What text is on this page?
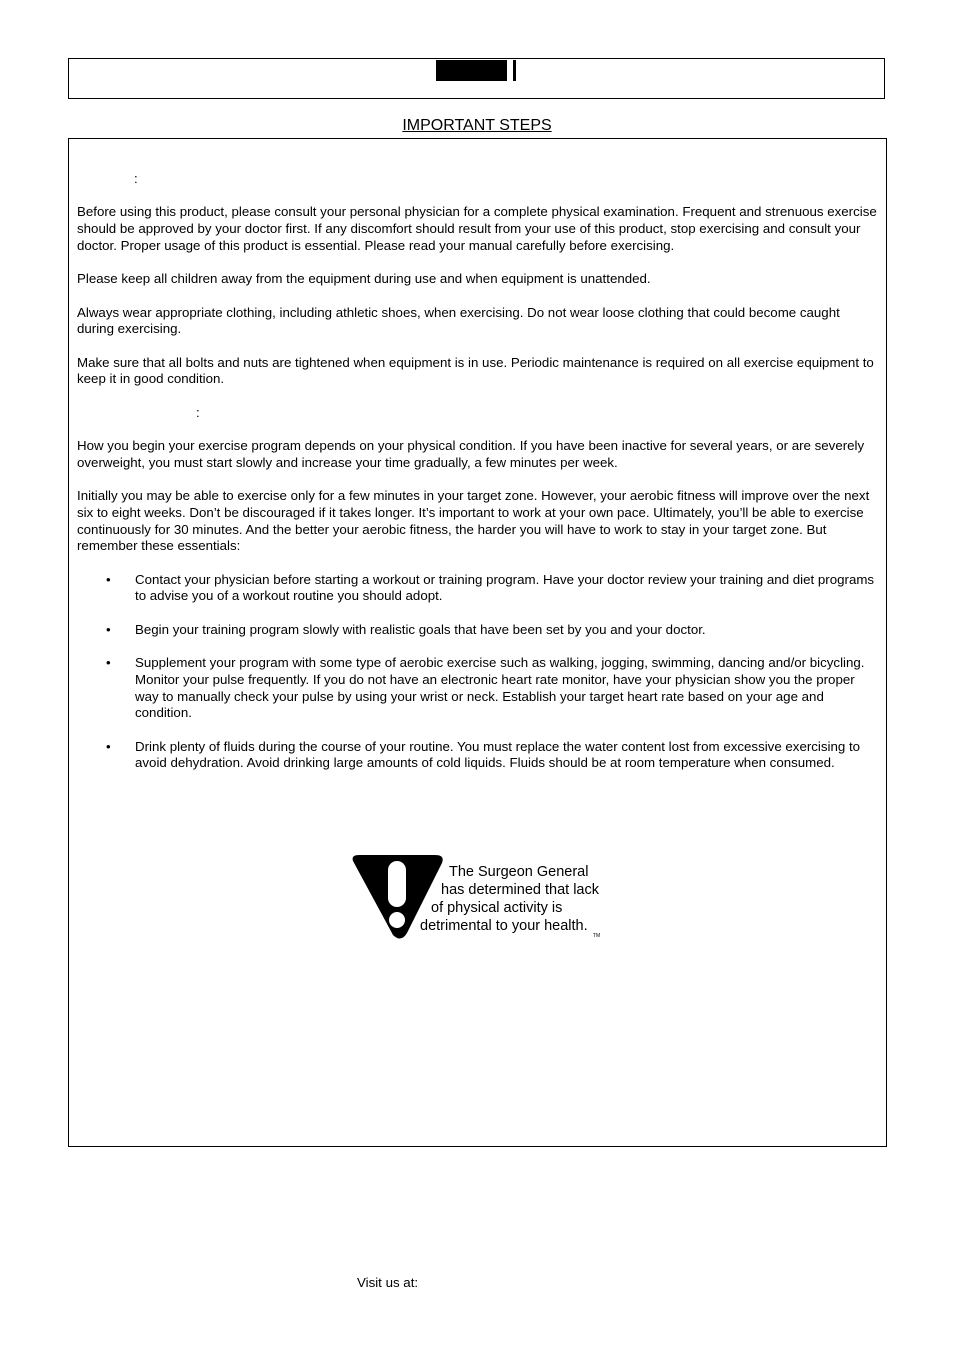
IMPORTANT STEPS

:

Before using this product, please consult your personal physician for a complete physical examination. Frequent and strenuous exercise should be approved by your doctor first. If any discomfort should result from your use of this product, stop exercising and consult your doctor. Proper usage of this product is essential. Please read your manual carefully before exercising.

Please keep all children away from the equipment during use and when equipment is unattended.

Always wear appropriate clothing, including athletic shoes, when exercising. Do not wear loose clothing that could become caught during exercising.

Make sure that all bolts and nuts are tightened when equipment is in use. Periodic maintenance is required on all exercise equipment to keep it in good condition.

:

How you begin your exercise program depends on your physical condition. If you have been inactive for several years, or are severely overweight, you must start slowly and increase your time gradually, a few minutes per week.

Initially you may be able to exercise only for a few minutes in your target zone. However, your aerobic fitness will improve over the next six to eight weeks. Don’t be discouraged if it takes longer. It’s important to work at your own pace. Ultimately, you’ll be able to exercise continuously for 30 minutes. And the better your aerobic fitness, the harder you will have to work to stay in your target zone. But remember these essentials:

• Contact your physician before starting a workout or training program. Have your doctor review your training and diet programs to advise you of a workout routine you should adopt.
• Begin your training program slowly with realistic goals that have been set by you and your doctor.
• Supplement your program with some type of aerobic exercise such as walking, jogging, swimming, dancing and/or bicycling. Monitor your pulse frequently. If you do not have an electronic heart rate monitor, have your physician show you the proper way to manually check your pulse by using your wrist or neck. Establish your target heart rate based on your age and condition.
• Drink plenty of fluids during the course of your routine. You must replace the water content lost from excessive exercising to avoid dehydration. Avoid drinking large amounts of cold liquids. Fluids should be at room temperature when consumed.
The Surgeon General
has determined that lack
of physical activity is
detrimental to your health.
TM
Visit us at:
